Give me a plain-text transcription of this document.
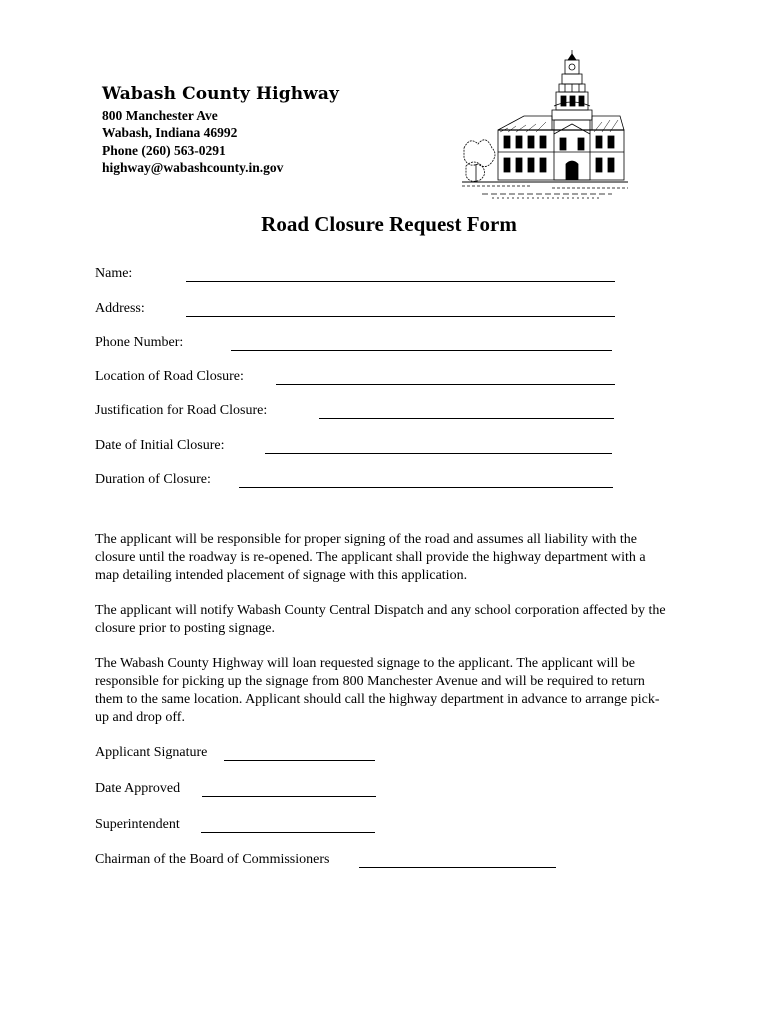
Wabash County Highway
800 Manchester Ave
Wabash, Indiana 46992
Phone (260) 563-0291
highway@wabashcounty.in.gov
Road Closure Request Form
Name:
Address:
Phone Number:
Location of Road Closure:
Justification for Road Closure:
Date of Initial Closure:
Duration of Closure:

The applicant will be responsible for proper signing of the road and assumes all liability with the closure until the roadway is re-opened. The applicant shall provide the highway department with a map detailing intended placement of signage with this application.

The applicant will notify Wabash County Central Dispatch and any school corporation affected by the closure prior to posting signage.

The Wabash County Highway will loan requested signage to the applicant. The applicant will be responsible for picking up the signage from 800 Manchester Avenue and will be required to return them to the same location. Applicant should call the highway department in advance to arrange pick-up and drop off.

Applicant Signature
Date Approved
Superintendent
Chairman of the Board of Commissioners
